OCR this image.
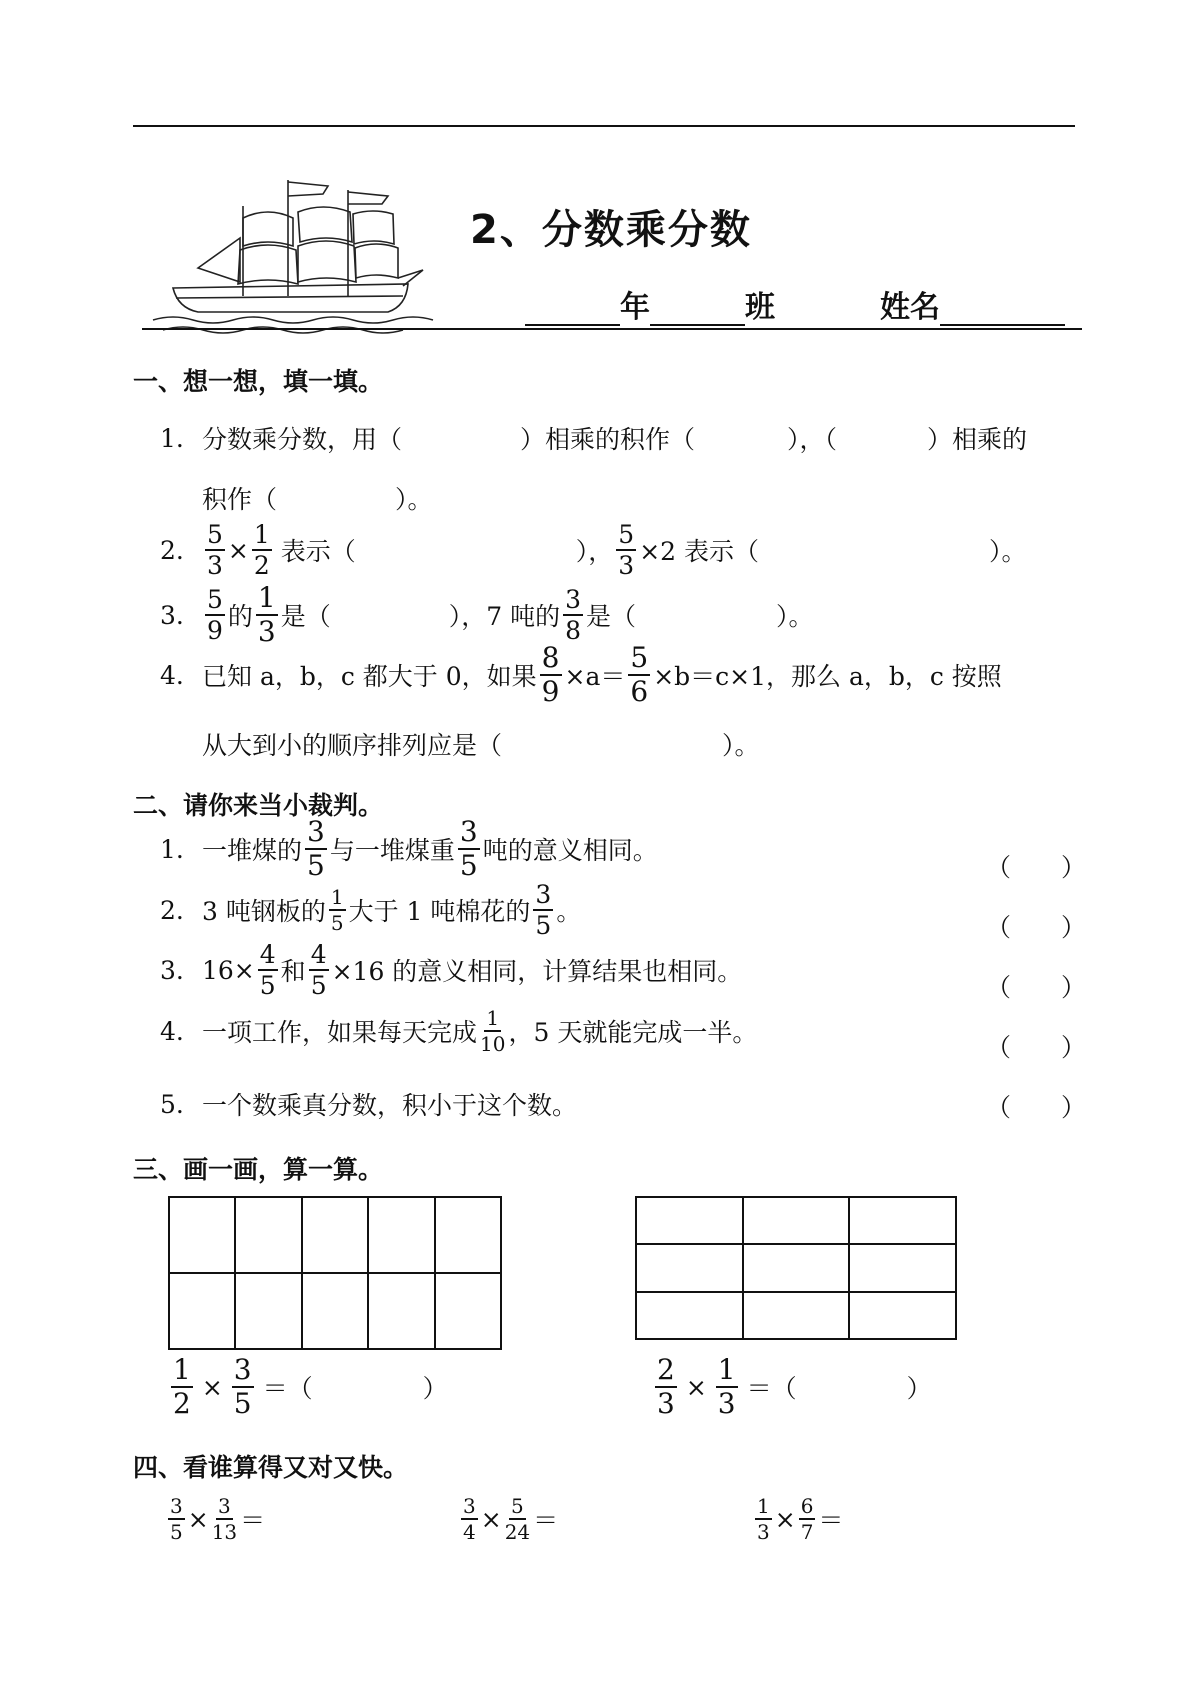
2、分数乘分数
年	班	姓名
一、想一想，填一填。
1. 分数乘分数，用（	）相乘的积作（	），（	）相乘的
积作（	）。
2. $\frac{5}{3} \times \frac{1}{2}$ 表示（	）， $\frac{5}{3} \times 2$ 表示（	）。
3. $\frac{5}{9}$ 的 $\frac{1}{3}$ 是（	），7 吨的 $\frac{3}{8}$ 是（	）。
4. 已知 a，b，c 都大于 0，如果 $\frac{8}{9} \times a= \frac{5}{6} \times b=c\times 1$，那么 a，b，c 按照
从大到小的顺序排列应是（	）。
二、请你来当小裁判。
1. 一堆煤的 $\frac{3}{5}$ 与一堆煤重 $\frac{3}{5}$ 吨的意义相同。
（　　）
2. 3 吨钢板的 $\frac{1}{5}$ 大于 1 吨棉花的 $\frac{3}{5}$ 。
（　　）
3. $16\times \frac{4}{5}$ 和 $\frac{4}{5} \times 16$ 的意义相同，计算结果也相同。
（　　）
4. 一项工作，如果每天完成 $\frac{1}{10}$ ，5 天就能完成一半。
（　　）
5. 一个数乘真分数，积小于这个数。	（　　）
三、画一画，算一算。

$\frac{1}{2} \times \frac{3}{5}$ ＝（	）	$\frac{2}{3} \times \frac{1}{3}$ ＝（	）
四、看谁算得又对又快。
$\frac{3}{5} \times \frac{3}{13}$ ＝	$\frac{3}{4} \times \frac{5}{24}$ ＝	$\frac{1}{3} \times \frac{6}{7}$ ＝
